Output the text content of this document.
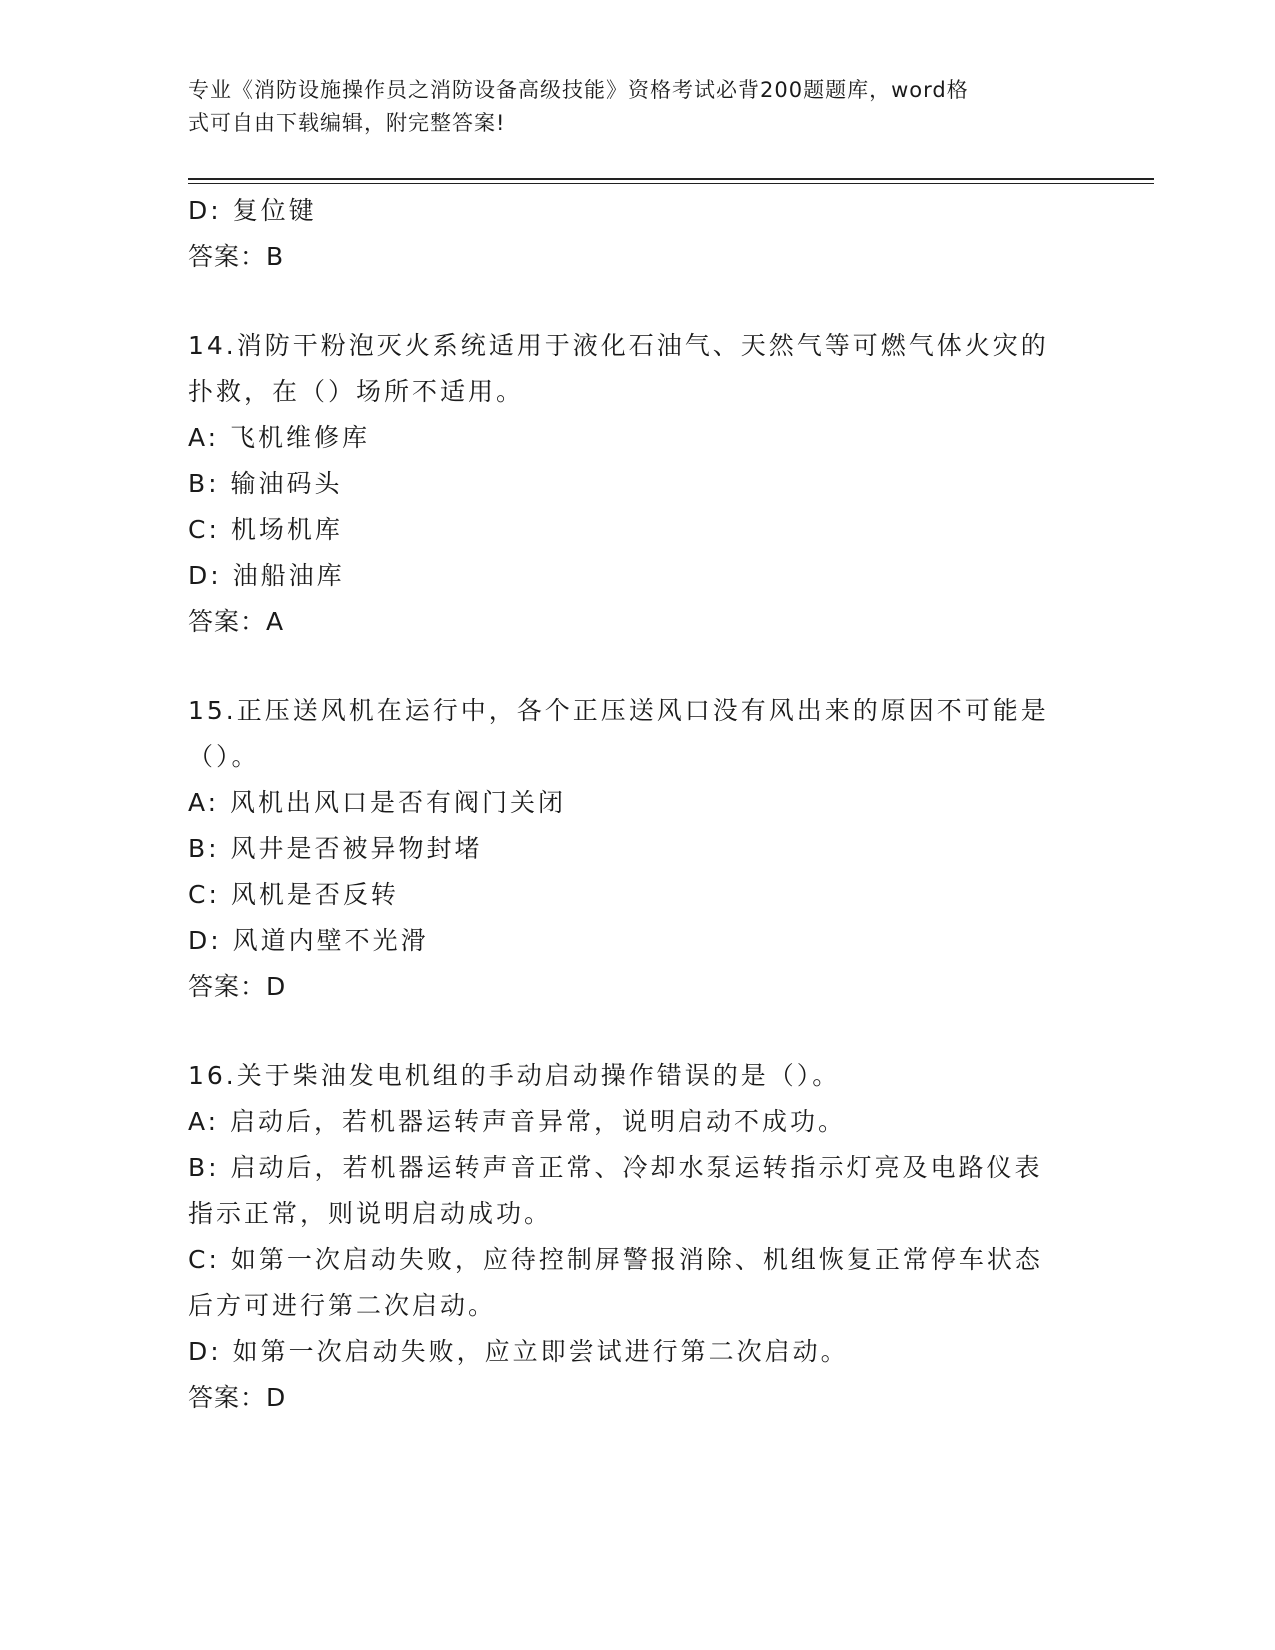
专业《消防设施操作员之消防设备高级技能》资格考试必背200题题库，word格
式可自由下载编辑，附完整答案!

D: 复位键

答案：B

14.消防干粉泡灭火系统适用于液化石油气、天然气等可燃气体火灾的

扑救，在（）场所不适用。

A: 飞机维修库

B: 输油码头

C: 机场机库

D: 油船油库

答案：A

15.正压送风机在运行中，各个正压送风口没有风出来的原因不可能是

（）。

A: 风机出风口是否有阀门关闭

B: 风井是否被异物封堵

C: 风机是否反转

D: 风道内壁不光滑

答案：D

16.关于柴油发电机组的手动启动操作错误的是（）。

A: 启动后，若机器运转声音异常，说明启动不成功。

B: 启动后，若机器运转声音正常、冷却水泵运转指示灯亮及电路仪表

指示正常，则说明启动成功。

C: 如第一次启动失败，应待控制屏警报消除、机组恢复正常停车状态

后方可进行第二次启动。

D: 如第一次启动失败，应立即尝试进行第二次启动。

答案：D
